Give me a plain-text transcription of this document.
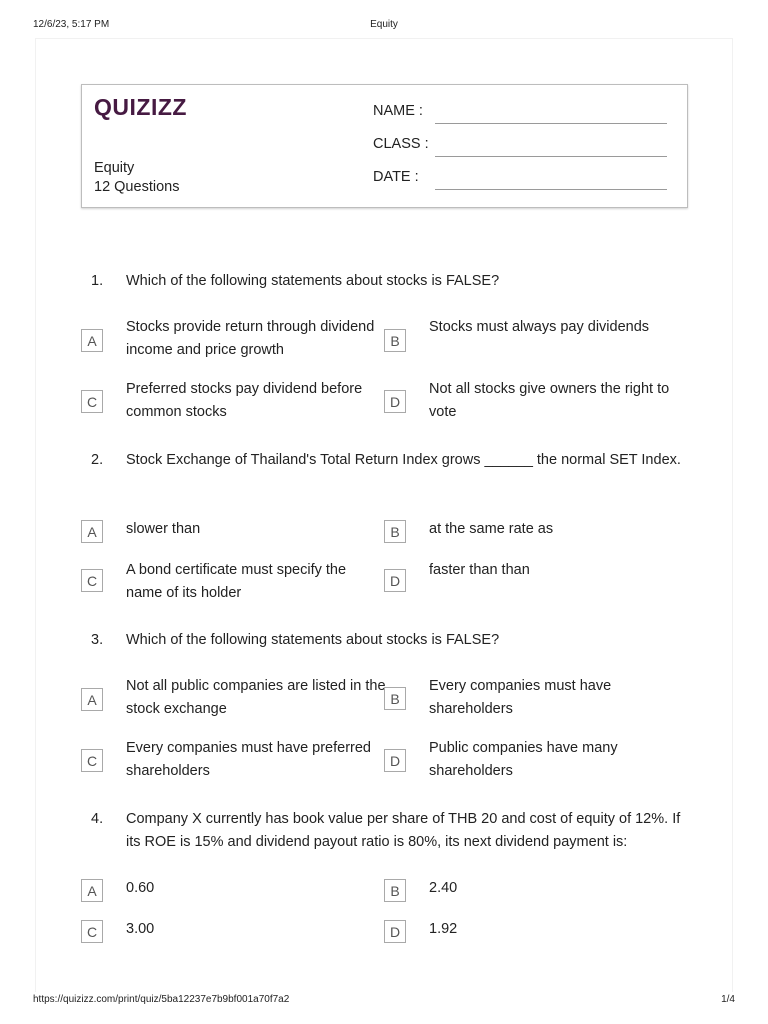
12/6/23, 5:17 PM	Equity
QUIZIZZ
Equity
12 Questions
NAME :
CLASS :
DATE :
1. Which of the following statements about stocks is FALSE?
A
Stocks provide return through dividend income and price growth
B
Stocks must always pay dividends
C
Preferred stocks pay dividend before common stocks
D
Not all stocks give owners the right to vote
2. Stock Exchange of Thailand's Total Return Index grows ______ the normal SET Index.
A	slower than	B	at the same rate as
C
A bond certificate must specify the name of its holder
D
faster than than
3. Which of the following statements about stocks is FALSE?
A
Not all public companies are listed in the stock exchange
B
Every companies must have shareholders
C
Every companies must have preferred shareholders
D
Public companies have many shareholders
4. Company X currently has book value per share of THB 20 and cost of equity of 12%. If its ROE is 15% and dividend payout ratio is 80%, its next dividend payment is:
A	0.60	B	2.40
C	3.00	D	1.92
https://quizizz.com/print/quiz/5ba12237e7b9bf001a70f7a2	1/4
